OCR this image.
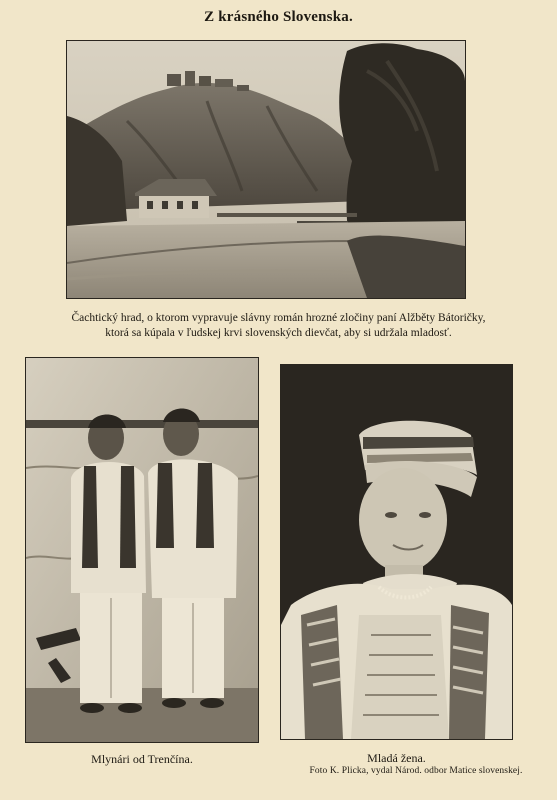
Z krásného Slovenska.
Čachtický hrad, o ktorom vypravuje slávny román hrozné zločiny paní Alžběty Bátoričky,
ktorá sa kúpala v ľudskej krvi slovenských dievčat, aby si udržala mladosť.
Mlynári od Trenčína.	Mladá žena.
Foto K. Plicka, vydal Národ. odbor Matice slovenskej.
